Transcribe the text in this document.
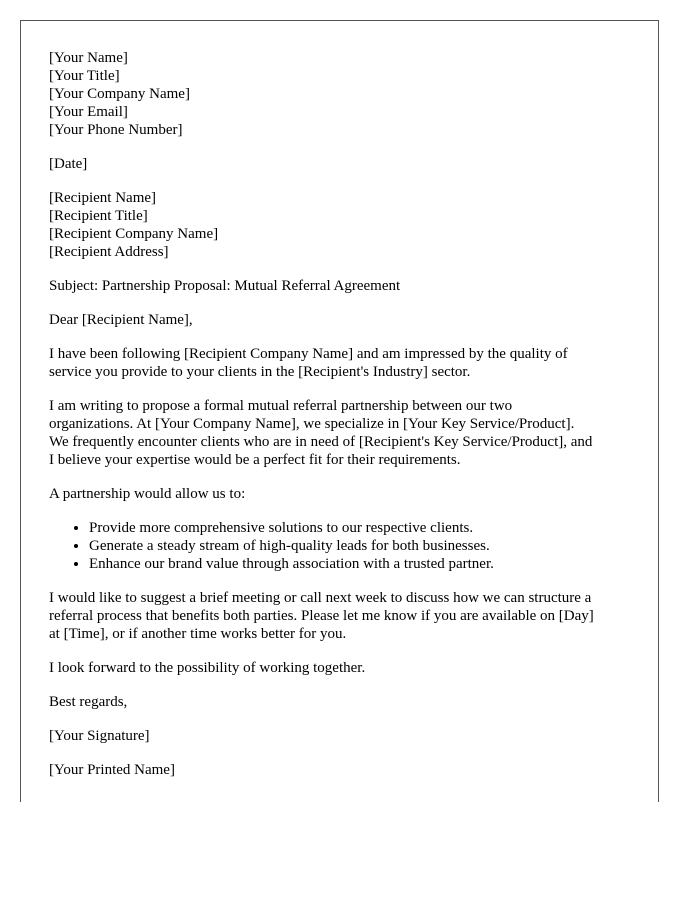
[Your Name]
[Your Title]
[Your Company Name]
[Your Email]
[Your Phone Number]
[Date]
[Recipient Name]
[Recipient Title]
[Recipient Company Name]
[Recipient Address]

Subject: Partnership Proposal: Mutual Referral Agreement

Dear [Recipient Name],

I have been following [Recipient Company Name] and am impressed by the quality of
service you provide to your clients in the [Recipient's Industry] sector.

I am writing to propose a formal mutual referral partnership between our two
organizations. At [Your Company Name], we specialize in [Your Key Service/Product].
We frequently encounter clients who are in need of [Recipient's Key Service/Product], and
I believe your expertise would be a perfect fit for their requirements.

A partnership would allow us to:

• Provide more comprehensive solutions to our respective clients.
• Generate a steady stream of high-quality leads for both businesses.
• Enhance our brand value through association with a trusted partner.

I would like to suggest a brief meeting or call next week to discuss how we can structure a
referral process that benefits both parties. Please let me know if you are available on [Day]
at [Time], or if another time works better for you.

I look forward to the possibility of working together.

Best regards,

[Your Signature]

[Your Printed Name]
